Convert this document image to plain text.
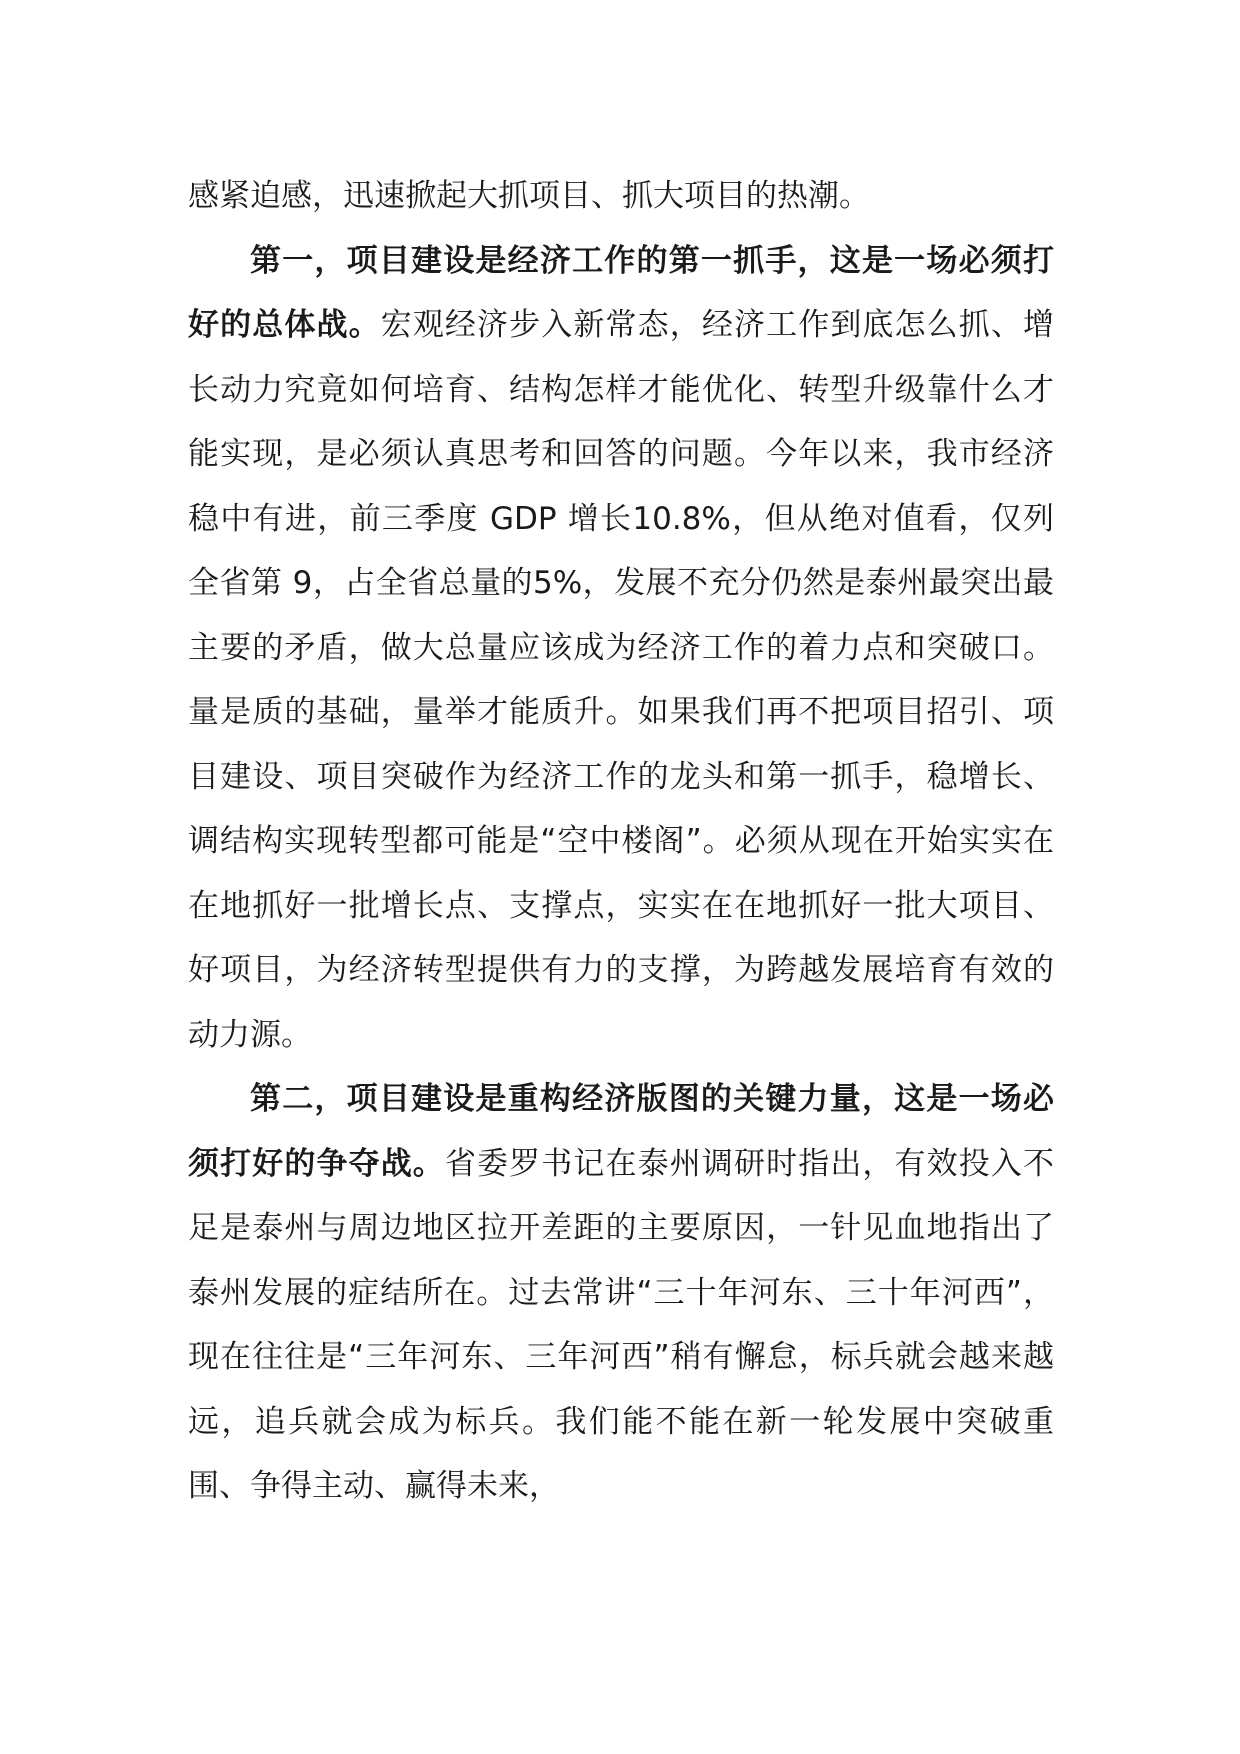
感紧迫感，迅速掀起大抓项目、抓大项目的热潮。

第一，项目建设是经济工作的第一抓手，这是一场必须打好的总体战。宏观经济步入新常态，经济工作到底怎么抓、增长动力究竟如何培育、结构怎样才能优化、转型升级靠什么才能实现，是必须认真思考和回答的问题。今年以来，我市经济稳中有进，前三季度 GDP 增长10.8%，但从绝对值看，仅列全省第 9，占全省总量的5%，发展不充分仍然是泰州最突出最主要的矛盾，做大总量应该成为经济工作的着力点和突破口。量是质的基础，量举才能质升。如果我们再不把项目招引、项目建设、项目突破作为经济工作的龙头和第一抓手，稳增长、调结构实现转型都可能是“空中楼阁”。必须从现在开始实实在在地抓好一批增长点、支撑点，实实在在地抓好一批大项目、好项目，为经济转型提供有力的支撑，为跨越发展培育有效的动力源。

第二，项目建设是重构经济版图的关键力量，这是一场必须打好的争夺战。省委罗书记在泰州调研时指出，有效投入不足是泰州与周边地区拉开差距的主要原因，一针见血地指出了泰州发展的症结所在。过去常讲“三十年河东、三十年河西”，现在往往是“三年河东、三年河西”稍有懈怠，标兵就会越来越远，追兵就会成为标兵。我们能不能在新一轮发展中突破重围、争得主动、赢得未来，
